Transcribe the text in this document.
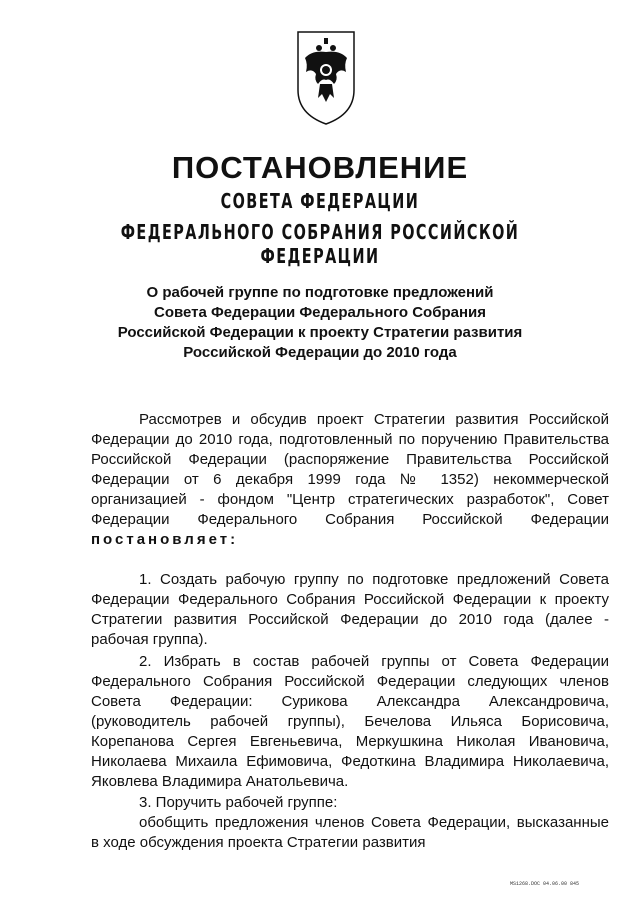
ПОСТАНОВЛЕНИЕ
СОВЕТА ФЕДЕРАЦИИ
ФЕДЕРАЛЬНОГО СОБРАНИЯ РОССИЙСКОЙ ФЕДЕРАЦИИ
О рабочей группе по подготовке предложений
Совета Федерации Федерального Собрания
Российской Федерации к проекту Стратегии развития
Российской Федерации до 2010 года
Рассмотрев и обсудив проект Стратегии развития Российской Федерации до 2010 года, подготовленный по поручению Правительства Российской Федерации (распоряжение Правительства Российской Федерации от 6 декабря 1999 года № 1352) некоммерческой организацией - фондом "Центр стратегических разработок", Совет Федерации Федерального Собрания Российской Федерации постановляет:
1. Создать рабочую группу по подготовке предложений Совета Федерации Федерального Собрания Российской Федерации к проекту Стратегии развития Российской Федерации до 2010 года (далее - рабочая группа).
2. Избрать в состав рабочей группы от Совета Федерации Федерального Собрания Российской Федерации следующих членов Совета Федерации: Сурикова Александра Александровича, (руководитель рабочей группы), Бечелова Ильяса Борисовича, Корепанова Сергея Евгеньевича, Меркушкина Николая Ивановича, Николаева Михаила Ефимовича, Федоткина Владимира Николаевича, Яковлева Владимира Анатольевича.
3. Поручить рабочей группе:
обобщить предложения членов Совета Федерации, высказанные в ходе обсуждения проекта Стратегии развития
MS1268.DOC 04.06.00 845
